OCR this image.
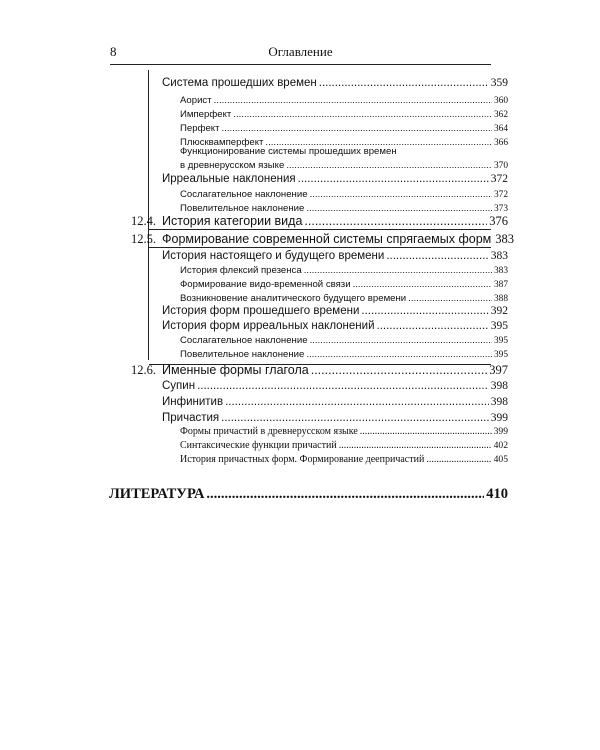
8	Оглавление
Система прошедших времен .....	359
Аорист .....	360
Имперфект .....	362
Перфект .....	364
Плюсквамперфект .....	366
Функционирование системы прошедших времен
в древнерусском языке .....	370
Ирреальные наклонения .....	372
Сослагательное наклонение .....	372
Повелительное наклонение .....	373
12.4. История категории вида .....	376
12.5. Формирование современной системы спрягаемых форм 383
История настоящего и будущего времени .....	383
История флексий презенса .....	383
Формирование видо-временной связи .....	387
Возникновение аналитического будущего времени .....	388
История форм прошедшего времени .....	392
История форм ирреальных наклонений .....	395
Сослагательное наклонение .....	395
Повелительное наклонение .....	395
12.6. Именные формы глагола .....	397
Супин .....	398
Инфинитив .....	398
Причастия .....	399
Формы причастий в древнерусском языке .....	399
Синтаксические функции причастий .....	402
История причастных форм. Формирование деепричастий .....	405
ЛИТЕРАТУРА .....	410
